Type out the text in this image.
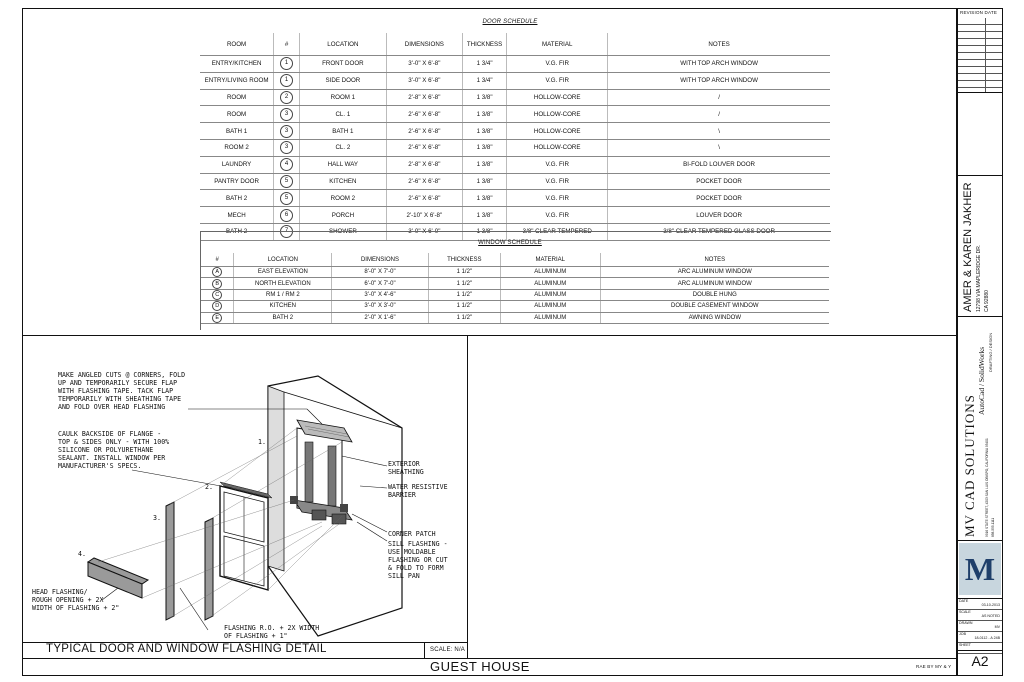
DOOR SCHEDULE
ROOM	#	LOCATION	DIMENSIONS	THICKNESS	MATERIAL	NOTES
ENTRY/KITCHEN	1	FRONT DOOR	3'-0" X 6'-8"	1 3/4"	V.G. FIR	WITH TOP ARCH WINDOW
ENTRY/LIVING ROOM	1	SIDE DOOR	3'-0" X 6'-8"	1 3/4"	V.G. FIR	WITH TOP ARCH WINDOW
ROOM	2	ROOM 1	2'-8" X 6'-8"	1 3/8"	HOLLOW-CORE	/
ROOM	3	CL. 1	2'-6" X 6'-8"	1 3/8"	HOLLOW-CORE	/
BATH 1	3	BATH 1	2'-6" X 6'-8"	1 3/8"	HOLLOW-CORE	\
ROOM 2	3	CL. 2	2'-6" X 6'-8"	1 3/8"	HOLLOW-CORE	\
LAUNDRY	4	HALL WAY	2'-8" X 6'-8"	1 3/8"	V.G. FIR	BI-FOLD LOUVER DOOR
PANTRY DOOR	5	KITCHEN	2'-6" X 6'-8"	1 3/8"	V.G. FIR	POCKET DOOR
BATH 2	5	ROOM 2	2'-6" X 6'-8"	1 3/8"	V.G. FIR	POCKET DOOR
MECH	6	PORCH	2'-10" X 6'-8"	1 3/8"	V.G. FIR	LOUVER DOOR
BATH 2	7	SHOWER	3'-0" X 6'-0"	1 3/8"	3/8" CLEAR TEMPERED	3/8" CLEAR TEMPERED GLASS DOOR
WINDOW SCHEDULE
#	LOCATION	DIMENSIONS	THICKNESS	MATERIAL	NOTES
A	EAST ELEVATION	8'-0" X 7'-0"	1 1/2"	ALUMINUM	ARC ALUMINUM WINDOW
B	NORTH ELEVATION	6'-0" X 7'-0"	1 1/2"	ALUMINUM	ARC ALUMINUM WINDOW
C	RM 1 / RM 2	3'-0" X 4'-6"	1 1/2"	ALUMINUM	DOUBLE HUNG
D	KITCHEN	3'-0" X 3'-0"	1 1/2"	ALUMINUM	DOUBLE CASEMENT WINDOW
E	BATH 2	2'-0" X 1'-6"	1 1/2"	ALUMINUM	AWNING WINDOW
1.
2.
3.
4.
MAKE ANGLED CUTS @ CORNERS, FOLD
UP AND TEMPORARILY SECURE FLAP
WITH FLASHING TAPE. TACK FLAP
TEMPORARILY WITH SHEATHING TAPE
AND FOLD OVER HEAD FLASHING
CAULK BACKSIDE OF FLANGE -
TOP & SIDES ONLY - WITH 100%
SILICONE OR POLYURETHANE
SEALANT. INSTALL WINDOW PER
MANUFACTURER'S SPECS.	EXTERIOR
SHEATHING
WATER RESISTIVE
BARRIER
CORNER PATCH
SILL FLASHING -
USE MOLDABLE
FLASHING OR CUT
& FOLD TO FORM
SILL PAN
HEAD FLASHING/
ROUGH OPENING + 2X
WIDTH OF FLASHING + 2"
FLASHING R.O. + 2X WIDTH
OF FLASHING + 1"
TYPICAL DOOR AND WINDOW FLASHING DETAIL	SCALE: N/A
GUEST HOUSE	RAE BY MY & Y
REVISION DATE
AMER & KAREN JAKHER 12798 VIA MAPLERIDGE DR. CA 92880
MV CAD SOLUTIONS
AutoCad / SolidWorks DRAFTING / DESIGN
9916 STATE STREET, #203 SAN LUIS OBISPO, CALIFORNIA 93401 858-555-1111
M
DATE
03-10-2013
SCALE
AS NOTED
DRAWN
MV
JOB
18-0112 - A 24B
SHEET
A2
